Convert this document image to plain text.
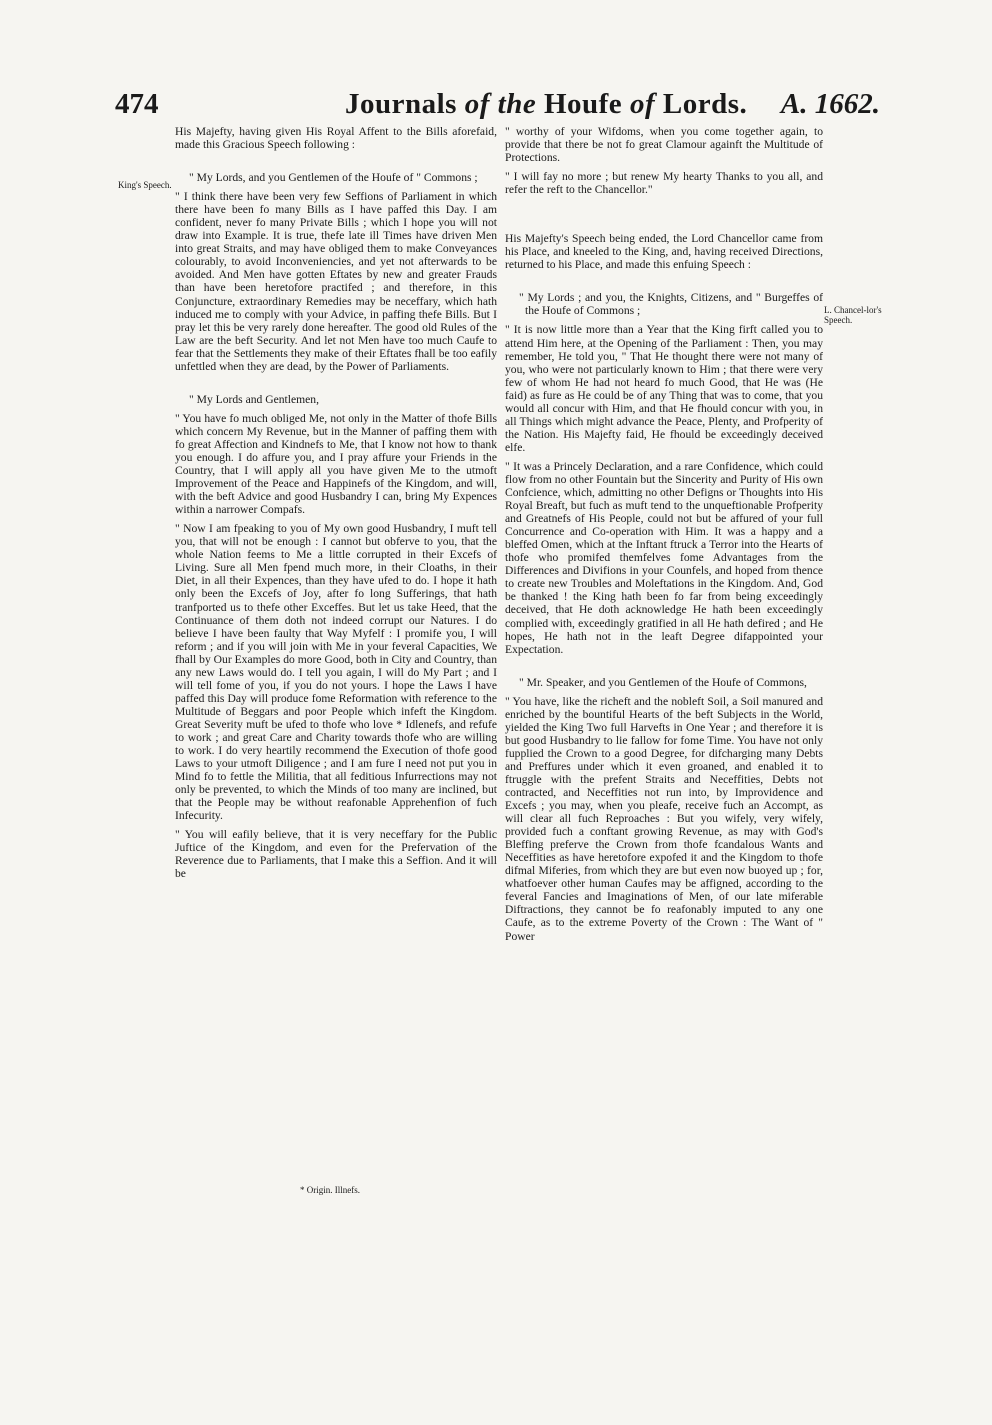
474	Journals of the Houfe of Lords. A. 1662.
King's Speech.
L. Chancel-lor's Speech.

His Majefty, having given His Royal Affent to the Bills aforefaid, made this Gracious Speech following :

" My Lords, and you Gentlemen of the Houfe of " Commons ;

" I think there have been very few Seffions of Parliament in which there have been fo many Bills as I have paffed this Day. I am confident, never fo many Private Bills ; which I hope you will not draw into Example. It is true, thefe late ill Times have driven Men into great Straits, and may have obliged them to make Conveyances colourably, to avoid Inconveniencies, and yet not afterwards to be avoided. And Men have gotten Eftates by new and greater Frauds than have been heretofore practifed ; and therefore, in this Conjuncture, extraordinary Remedies may be neceffary, which hath induced me to comply with your Advice, in paffing thefe Bills. But I pray let this be very rarely done hereafter. The good old Rules of the Law are the beft Security. And let not Men have too much Caufe to fear that the Settlements they make of their Eftates fhall be too eafily unfettled when they are dead, by the Power of Parliaments.

" My Lords and Gentlemen,

" You have fo much obliged Me, not only in the Matter of thofe Bills which concern My Revenue, but in the Manner of paffing them with fo great Affection and Kindnefs to Me, that I know not how to thank you enough. I do affure you, and I pray affure your Friends in the Country, that I will apply all you have given Me to the utmoft Improvement of the Peace and Happinefs of the Kingdom, and will, with the beft Advice and good Husbandry I can, bring My Expences within a narrower Compafs.

" Now I am fpeaking to you of My own good Husbandry, I muft tell you, that will not be enough : I cannot but obferve to you, that the whole Nation feems to Me a little corrupted in their Excefs of Living. Sure all Men fpend much more, in their Cloaths, in their Diet, in all their Expences, than they have ufed to do. I hope it hath only been the Excefs of Joy, after fo long Sufferings, that hath tranfported us to thefe other Exceffes. But let us take Heed, that the Continuance of them doth not indeed corrupt our Natures. I do believe I have been faulty that Way Myfelf : I promife you, I will reform ; and if you will join with Me in your feveral Capacities, We fhall by Our Examples do more Good, both in City and Country, than any new Laws would do. I tell you again, I will do My Part ; and I will tell fome of you, if you do not yours. I hope the Laws I have paffed this Day will produce fome Reformation with reference to the Multitude of Beggars and poor People which infeft the Kingdom. Great Severity muft be ufed to thofe who love * Idlenefs, and refufe to work ; and great Care and Charity towards thofe who are willing to work. I do very heartily recommend the Execution of thofe good Laws to your utmoft Diligence ; and I am fure I need not put you in Mind fo to fettle the Militia, that all feditious Infurrections may not only be prevented, to which the Minds of too many are inclined, but that the People may be without reafonable Apprehenfion of fuch Infecurity.

" You will eafily believe, that it is very neceffary for the Public Juftice of the Kingdom, and even for the Prefervation of the Reverence due to Parliaments, that I make this a Seffion. And it will be

" worthy of your Wifdoms, when you come together again, to provide that there be not fo great Clamour againft the Multitude of Protections.

" I will fay no more ; but renew My hearty Thanks to you all, and refer the reft to the Chancellor."

His Majefty's Speech being ended, the Lord Chancellor came from his Place, and kneeled to the King, and, having received Directions, returned to his Place, and made this enfuing Speech :

" My Lords ; and you, the Knights, Citizens, and " Burgeffes of the Houfe of Commons ;

" It is now little more than a Year that the King firft called you to attend Him here, at the Opening of the Parliament : Then, you may remember, He told you, " That He thought there were not many of you, who were not particularly known to Him ; that there were very few of whom He had not heard fo much Good, that He was (He faid) as fure as He could be of any Thing that was to come, that you would all concur with Him, and that He fhould concur with you, in all Things which might advance the Peace, Plenty, and Profperity of the Nation. His Majefty faid, He fhould be exceedingly deceived elfe.

" It was a Princely Declaration, and a rare Confidence, which could flow from no other Fountain but the Sincerity and Purity of His own Confcience, which, admitting no other Defigns or Thoughts into His Royal Breaft, but fuch as muft tend to the unqueftionable Profperity and Greatnefs of His People, could not but be affured of your full Concurrence and Co-operation with Him. It was a happy and a bleffed Omen, which at the Inftant ftruck a Terror into the Hearts of thofe who promifed themfelves fome Advantages from the Differences and Divifions in your Counfels, and hoped from thence to create new Troubles and Moleftations in the Kingdom. And, God be thanked ! the King hath been fo far from being exceedingly deceived, that He doth acknowledge He hath been exceedingly complied with, exceedingly gratified in all He hath defired ; and He hopes, He hath not in the leaft Degree difappointed your Expectation.

" Mr. Speaker, and you Gentlemen of the Houfe of Commons,

" You have, like the richeft and the nobleft Soil, a Soil manured and enriched by the bountiful Hearts of the beft Subjects in the World, yielded the King Two full Harvefts in One Year ; and therefore it is but good Husbandry to lie fallow for fome Time. You have not only fupplied the Crown to a good Degree, for difcharging many Debts and Preffures under which it even groaned, and enabled it to ftruggle with the prefent Straits and Neceffities, Debts not contracted, and Neceffities not run into, by Improvidence and Excefs ; you may, when you pleafe, receive fuch an Accompt, as will clear all fuch Reproaches : But you wifely, very wifely, provided fuch a conftant growing Revenue, as may with God's Bleffing preferve the Crown from thofe fcandalous Wants and Neceffities as have heretofore expofed it and the Kingdom to thofe difmal Miferies, from which they are but even now buoyed up ; for, whatfoever other human Caufes may be affigned, according to the feveral Fancies and Imaginations of Men, of our late miferable Diftractions, they cannot be fo reafonably imputed to any one Caufe, as to the extreme Poverty of the Crown : The Want of " Power

* Origin. Illnefs.
